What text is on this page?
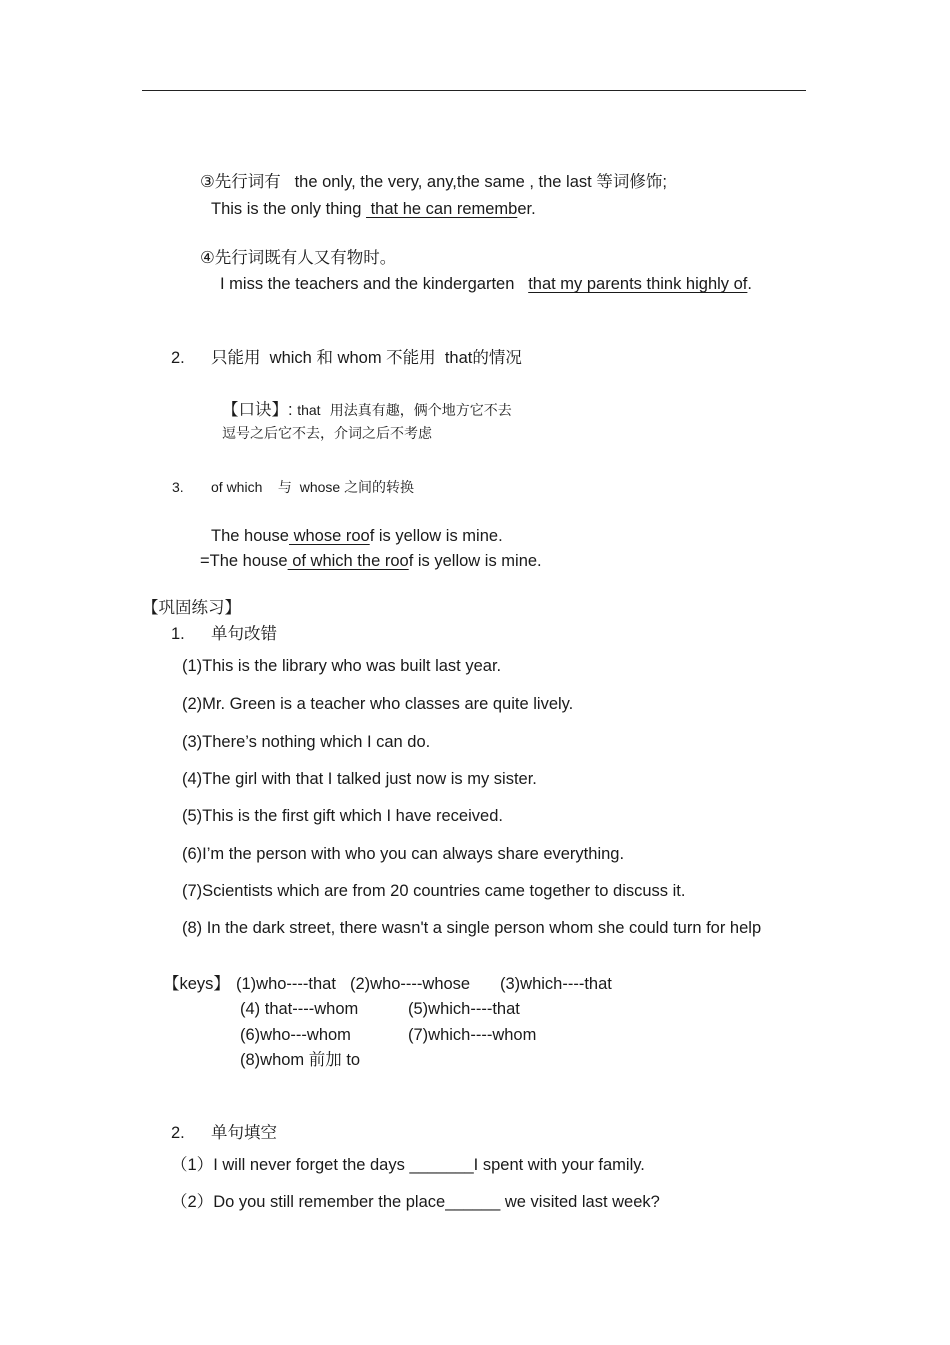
③先行词有 the only, the very, any,the same , the last 等词修饰;
This is the only thing  that he can remember.
④先行词既有人又有物时。
I miss the teachers and the kindergarten that my parents think highly of.
2. 只能用 which 和 whom 不能用 that的情况
【口诀】: that 用法真有趣，俩个地方它不去
逗号之后它不去，介词之后不考虑
3. of which 与 whose 之间的转换
The house whose roof is yellow is mine.
=The house of which the roof is yellow is mine.
【巩固练习】
1. 单句改错
(1)This is the library who was built last year.
(2)Mr. Green is a teacher who classes are quite lively.
(3)There’s nothing which I can do.
(4)The girl with that I talked just now is my sister.
(5)This is the first gift which I have received.
(6)I’m the person with who you can always share everything.
(7)Scientists which are from 20 countries came together to discuss it.
(8) In the dark street, there wasn't a single person whom she could turn for help
【keys】 (1)who----that (2)who----whose (3)which----that
(4) that----whom	(5)which----that
(6)who---whom	(7)which----whom
(8)whom 前加 to
2. 单句填空
（1）I will never forget the days _______I spent with your family.
（2）Do you still remember the place______ we visited last week?
